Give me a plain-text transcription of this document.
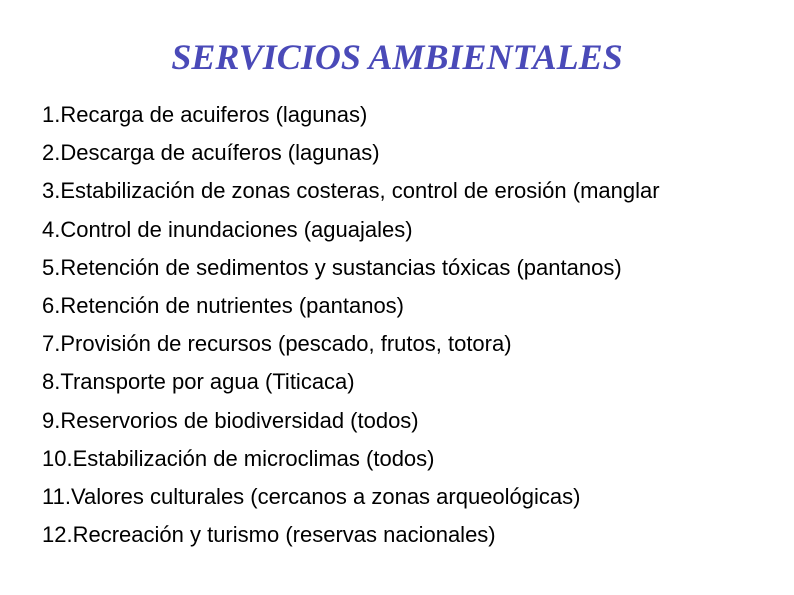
SERVICIOS AMBIENTALES
1.Recarga de acuiferos (lagunas)
2.Descarga de acuíferos (lagunas)
3.Estabilización de zonas costeras, control de erosión (manglar
4.Control de inundaciones (aguajales)
5.Retención de sedimentos y sustancias tóxicas (pantanos)
6.Retención de nutrientes (pantanos)
7.Provisión de recursos (pescado, frutos, totora)
8.Transporte por agua (Titicaca)
9.Reservorios de biodiversidad (todos)
10.Estabilización de microclimas (todos)
11.Valores culturales (cercanos a zonas arqueológicas)
12.Recreación y turismo (reservas nacionales)
